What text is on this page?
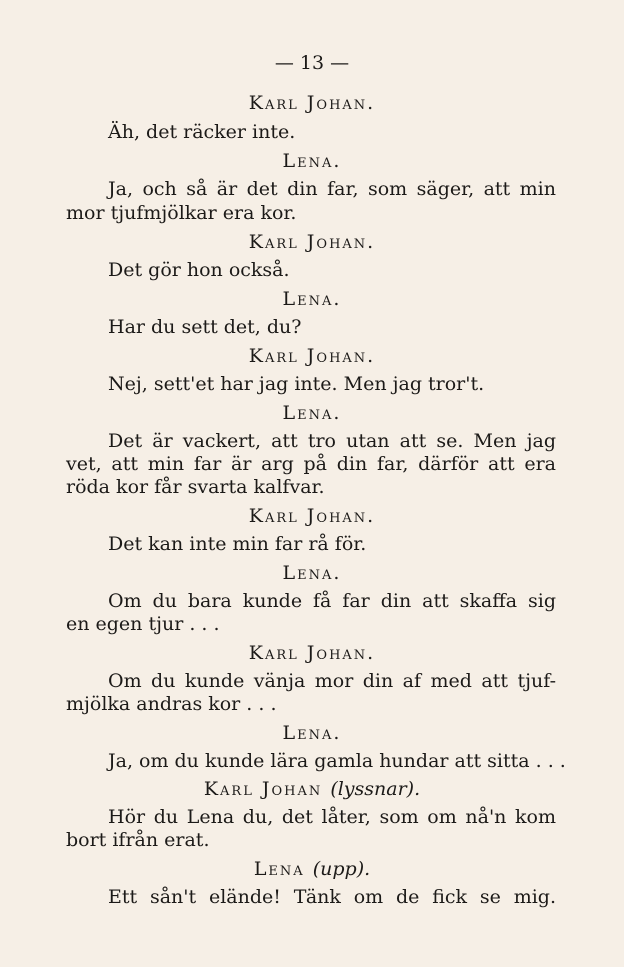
— 13 —
Karl Johan.
Äh, det räcker inte.
Lena.
Ja, och så är det din far, som säger, att min
mor tjufmjölkar era kor.
Karl Johan.
Det gör hon också.
Lena.
Har du sett det, du?
Karl Johan.
Nej, sett'et har jag inte. Men jag tror't.
Lena.
Det är vackert, att tro utan att se. Men jag
vet, att min far är arg på din far, därför att era
röda kor får svarta kalfvar.
Karl Johan.
Det kan inte min far rå för.
Lena.
Om du bara kunde få far din att skaffa sig
en egen tjur . . .
Karl Johan.
Om du kunde vänja mor din af med att tjuf-
mjölka andras kor . . .
Lena.
Ja, om du kunde lära gamla hundar att sitta . . .
Karl Johan (lyssnar).
Hör du Lena du, det låter, som om nå'n kom
bort ifrån erat.
Lena (upp).
Ett sån't elände! Tänk om de fick se mig.
